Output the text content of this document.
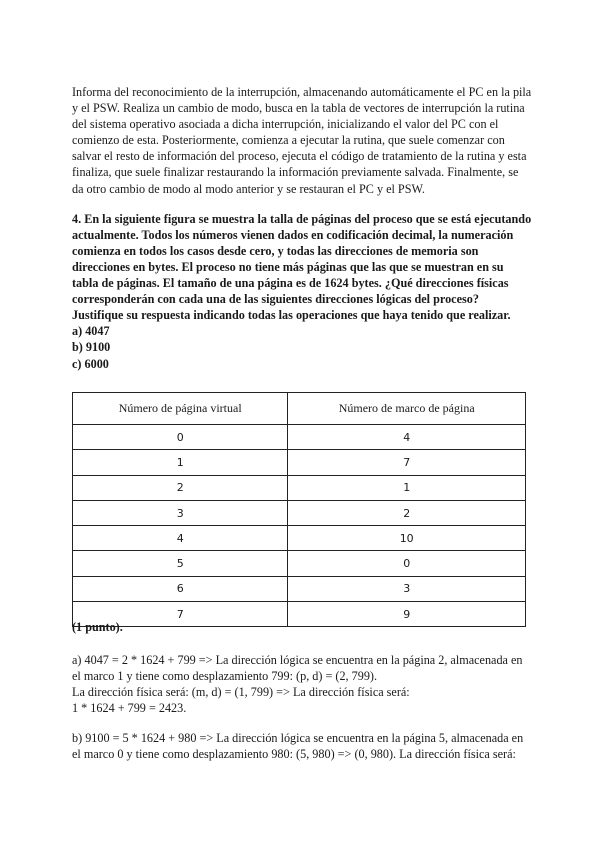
Informa del reconocimiento de la interrupción, almacenando automáticamente el PC en la pila y el PSW. Realiza un cambio de modo, busca en la tabla de vectores de interrupción la rutina del sistema operativo asociada a dicha interrupción, inicializando el valor del PC con el comienzo de esta. Posteriormente, comienza a ejecutar la rutina, que suele comenzar con salvar el resto de información del proceso, ejecuta el código de tratamiento de la rutina y esta finaliza, que suele finalizar restaurando la información previamente salvada. Finalmente, se da otro cambio de modo al modo anterior y se restauran el PC y el PSW.

4. En la siguiente figura se muestra la talla de páginas del proceso que se está ejecutando actualmente. Todos los números vienen dados en codificación decimal, la numeración comienza en todos los casos desde cero, y todas las direcciones de memoria son direcciones en bytes. El proceso no tiene más páginas que las que se muestran en su tabla de páginas. El tamaño de una página es de 1624 bytes. ¿Qué direcciones físicas corresponderán con cada una de las siguientes direcciones lógicas del proceso? Justifique su respuesta indicando todas las operaciones que haya tenido que realizar.

a) 4047
b) 9100
c) 6000
Número de página virtual	Número de marco de página
0	4
1	7
2	1
3	2
4	10
5	0
6	3
7	9
(1 punto).

a) 4047 = 2 * 1624 + 799 => La dirección lógica se encuentra en la página 2, almacenada en el marco 1 y tiene como desplazamiento 799: (p, d) = (2, 799).

La dirección física será: (m, d) = (1, 799) => La dirección física será:

1 * 1624 + 799 = 2423.

b) 9100 = 5 * 1624 + 980 => La dirección lógica se encuentra en la página 5, almacenada en el marco 0 y tiene como desplazamiento 980: (5, 980) => (0, 980). La dirección física será:
